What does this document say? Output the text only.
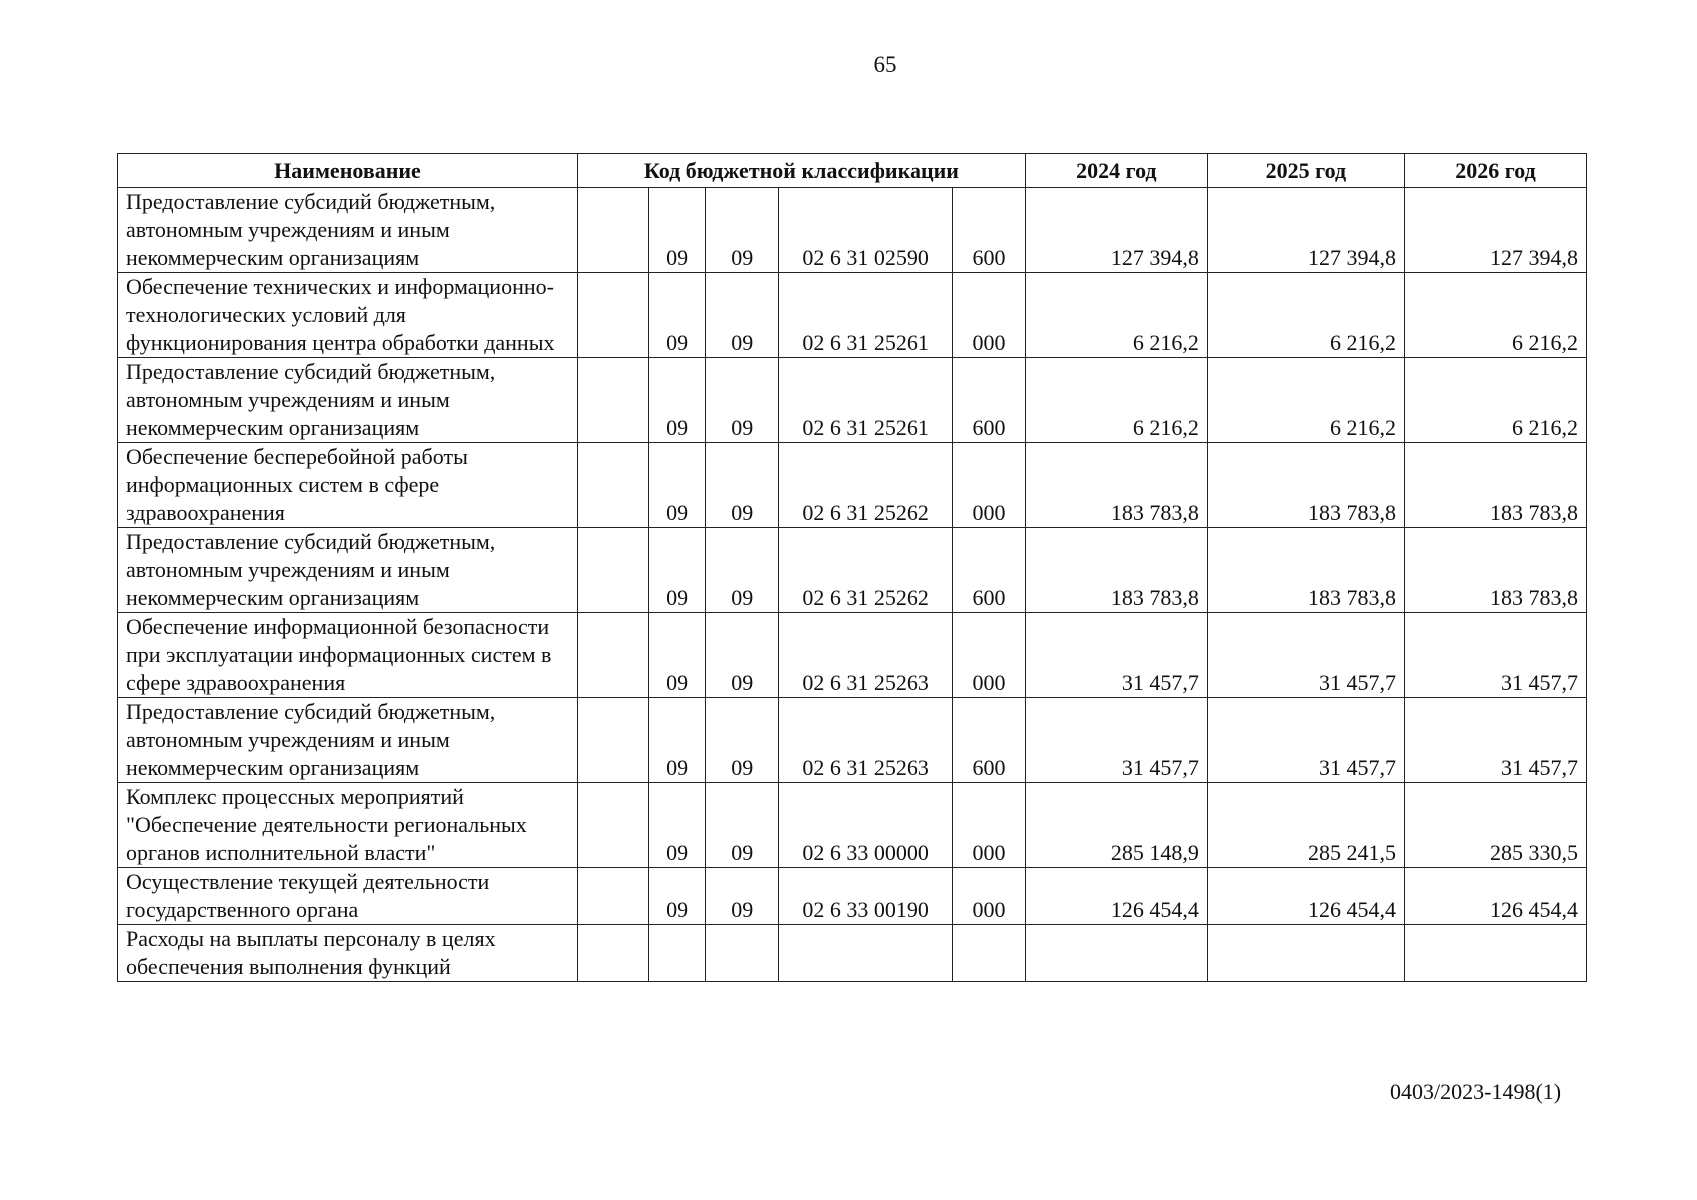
65
Наименование	Код бюджетной классификации					2024 год	2025 год	2026 год
Предоставление субсидий бюджетным, автономным учреждениям и иным некоммерческим организациям		09	09	02 6 31 02590	600	127 394,8	127 394,8	127 394,8
Обеспечение технических и информационно-технологических условий для функционирования центра обработки данных		09	09	02 6 31 25261	000	6 216,2	6 216,2	6 216,2
Предоставление субсидий бюджетным, автономным учреждениям и иным некоммерческим организациям		09	09	02 6 31 25261	600	6 216,2	6 216,2	6 216,2
Обеспечение бесперебойной работы информационных систем в сфере здравоохранения		09	09	02 6 31 25262	000	183 783,8	183 783,8	183 783,8
Предоставление субсидий бюджетным, автономным учреждениям и иным некоммерческим организациям		09	09	02 6 31 25262	600	183 783,8	183 783,8	183 783,8
Обеспечение информационной безопасности при эксплуатации информационных систем в сфере здравоохранения		09	09	02 6 31 25263	000	31 457,7	31 457,7	31 457,7
Предоставление субсидий бюджетным, автономным учреждениям и иным некоммерческим организациям		09	09	02 6 31 25263	600	31 457,7	31 457,7	31 457,7
Комплекс процессных мероприятий "Обеспечение деятельности региональных органов исполнительной власти"		09	09	02 6 33 00000	000	285 148,9	285 241,5	285 330,5
Осуществление текущей деятельности государственного органа		09	09	02 6 33 00190	000	126 454,4	126 454,4	126 454,4
Расходы на выплаты персоналу в целях обеспечения выполнения функций								
0403/2023-1498(1)
